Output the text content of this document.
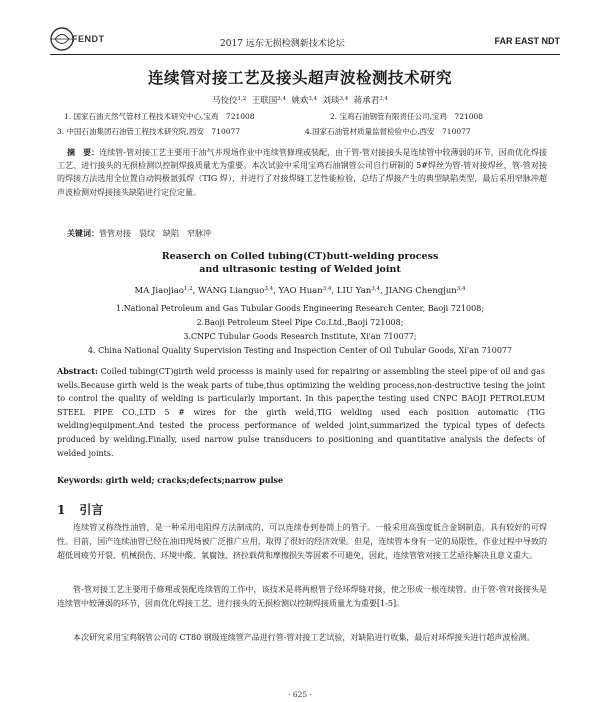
FENDT	2017 远东无损检测新技术论坛	FAR EAST NDT
连续管对接工艺及接头超声波检测技术研究
马佼佼$^{1,2}$ 王联国$^{3,4}$ 姚欢$^{3,4}$ 刘琰$^{3,4}$ 蒋承君$^{3,4}$
1. 国家石油天然气管材工程技术研究中心,宝鸡　721008	2. 宝鸡石油钢管有限责任公司,宝鸡　721008
3. 中国石油集团石油管工程技术研究院,西安　710077	4.国家石油管材质量监督检验中心,西安　710077
摘　要：连续管-管对接工艺主要用于油气井现场作业中连续管修理或装配，由于管-管对接接头是连续管中较薄弱的环节，因而优化焊接工艺、进行接头的无损检测以控制焊接质量尤为重要。本次试验中采用宝鸡石油钢管公司自行研制的 5#焊丝为管-管对接焊丝，管-管对接的焊接方法选用全位置自动钨极氩弧焊（TIG 焊），并进行了对接焊缝工艺性能检验，总结了焊接产生的典型缺陷类型，最后采用窄脉冲超声波检测对焊接接头缺陷进行定位定量。
关键词：管管对接　裂纹　缺陷　窄脉冲
Reaserch on Coiled tubing(CT)butt-welding process
and ultrasonic testing of Welded joint
MA Jiaojiao$^{1,2}$, WANG Lianguo$^{3,4}$, YAO Huan$^{3,4}$, LIU Yan$^{3,4}$, JIANG Chengjun$^{3,4}$
1.National Petroleum and Gas Tubular Goods Engineering Research Center, Baoji 721008;
2.Baoji Petroleum Steel Pipe Co.Ltd.,Baoji 721008;
3.CNPC Tubular Goods Research Institute, Xi'an 710077;
4. China National Quality Supervision Testing and Inspection Center of Oil Tubular Goods, Xi'an 710077
Abstract: Coiled tubing(CT)girth weld processs is mainly used for repairing or assembling the steel pipe of oil and gas wells.Because girth weld is the weak parts of tube,thus optimizing the welding process,non-destructive tesing the joint to control the quality of welding is particularly important. In this paper,the testing used CNPC BAOJI PETROLEUM STEEL PIPE CO.,LTD 5 # wires for the girth weld,TIG welding used each position automatic (TIG welding)equipment.And tested the process performance of welded joint,summarized the typical types of defects produced by welding.Finally, used narrow pulse transducers to positioning and quantitative analysis the defects of welded joints.
Keywords: girth weld; cracks;defects;narrow pulse
1 引言
连续管又称绕性油管，是一种采用电阻焊方法制成的，可以连续卷到卷筒上的管子。一般采用高强度低合金钢制造，具有较好的可焊性。目前，国产连续油管已经在油田现场被广泛推广应用，取得了很好的经济效果。但是，连续管本身有一定的局限性，作业过程中导致的超低周疲劳开裂、机械损伤、环境中酸、氧腐蚀、挤拉载荷和摩擦损失等因素不可避免，因此，连续管管对接工艺亟待解决且意义重大。
管-管对接工艺主要用于修理或装配连续管的工作中，该技术是将两根管子经环焊缝对接，使之形成一根连续管。由于管-管对接接头是连续管中较薄弱的环节，因而优化焊接工艺、进行接头的无损检测以控制焊接质量尤为重要[1-5]。
本次研究采用宝鸡钢管公司的 CT80 钢级连续管产品进行管-管对接工艺试验，对缺陷进行收集，最后对环焊接头进行超声波检测。
· 625 ·
